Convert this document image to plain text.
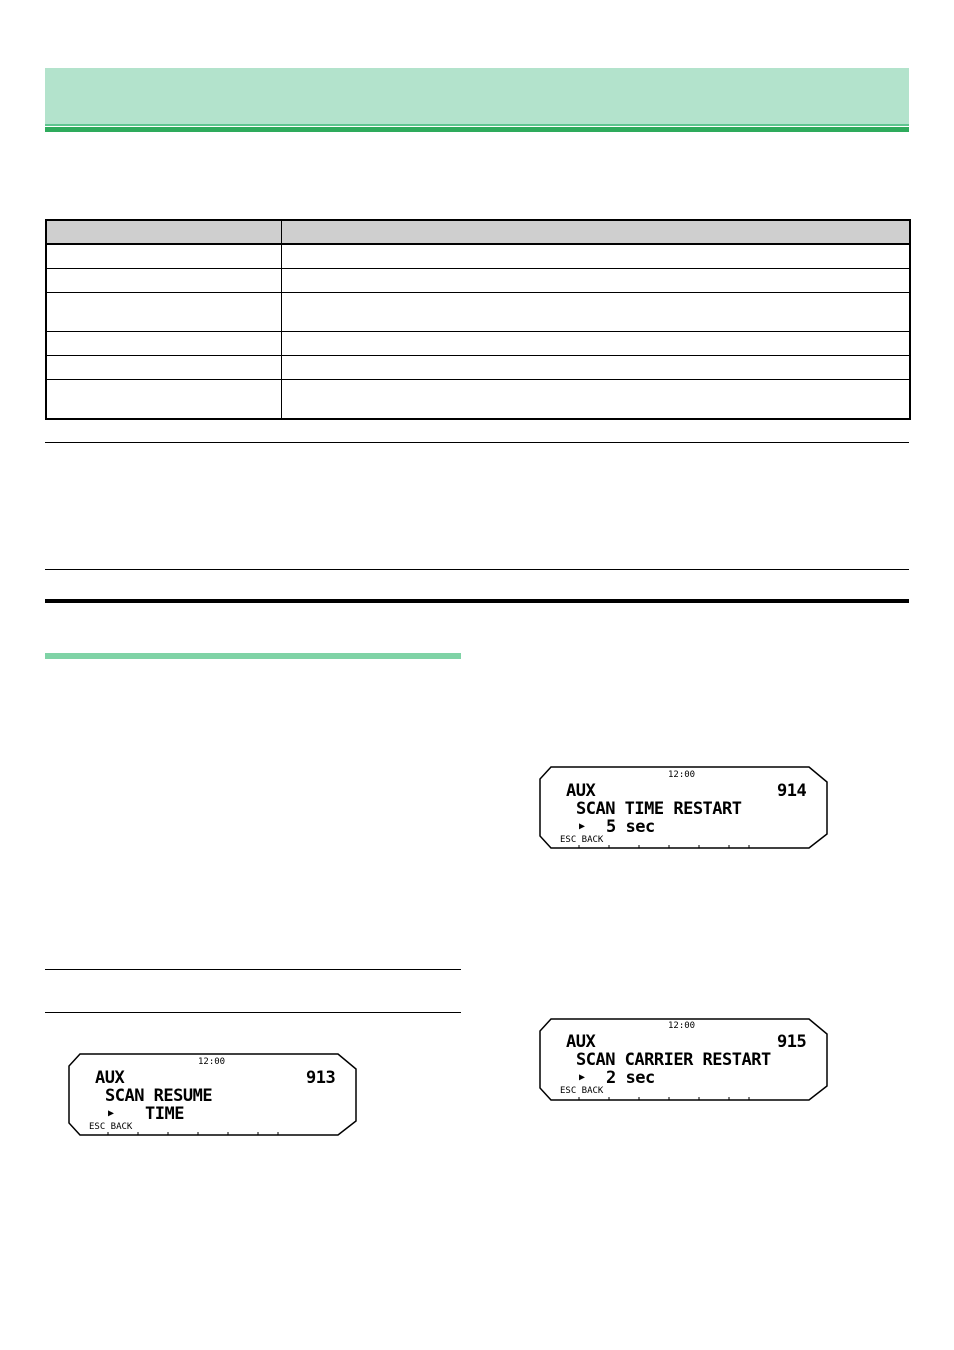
12:00
AUX	913
SCAN RESUME
▶ TIME
ESC BACK
12:00
AUX	914
SCAN TIME RESTART
▶ 5 sec
ESC BACK
12:00
AUX	915
SCAN CARRIER RESTART
▶ 2 sec
ESC BACK
